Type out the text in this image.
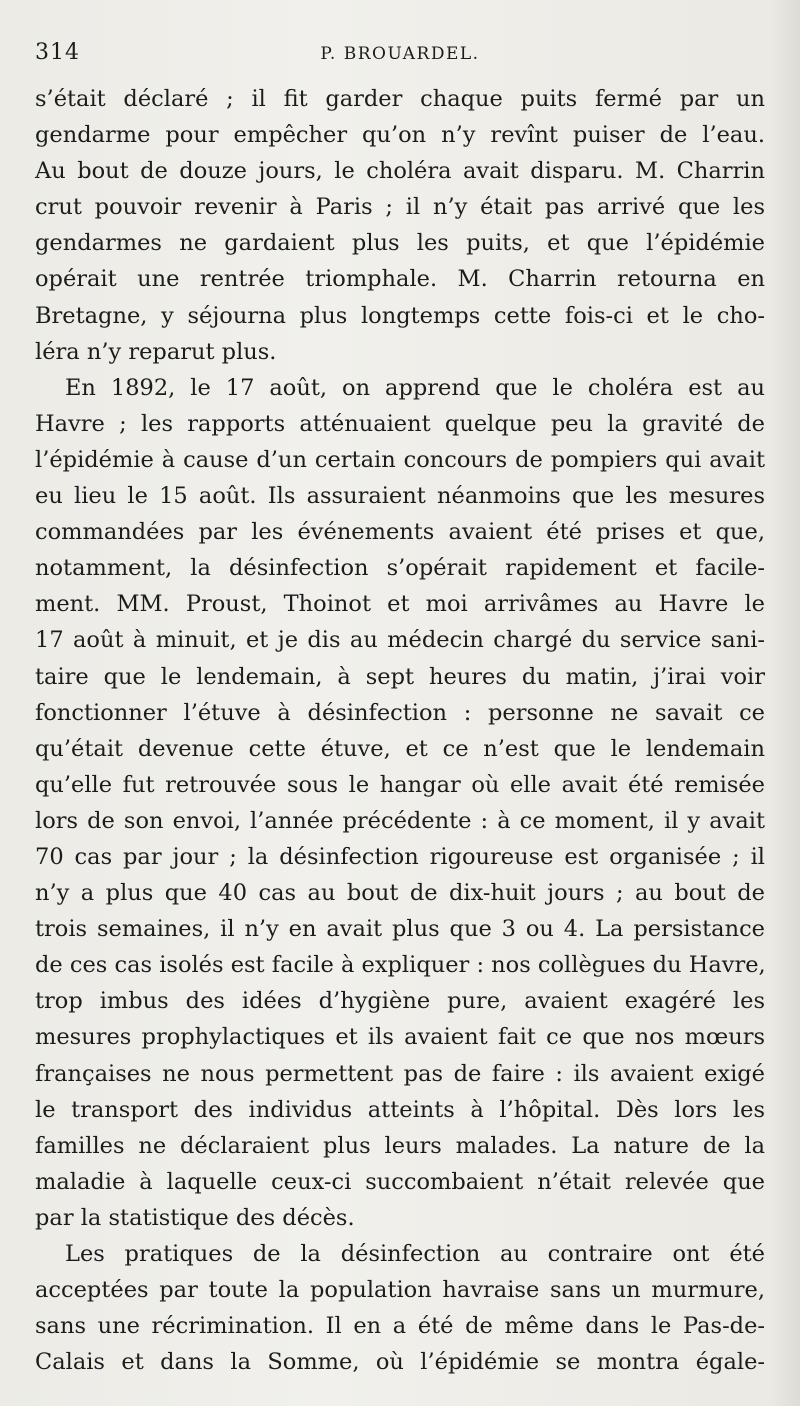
314	P. BROUARDEL.
s’était déclaré ; il fit garder chaque puits fermé par un
gendarme pour empêcher qu’on n’y revînt puiser de l’eau.
Au bout de douze jours, le choléra avait disparu. M. Charrin
crut pouvoir revenir à Paris ; il n’y était pas arrivé que les
gendarmes ne gardaient plus les puits, et que l’épidémie
opérait une rentrée triomphale. M. Charrin retourna en
Bretagne, y séjourna plus longtemps cette fois-ci et le cho-
léra n’y reparut plus.
En 1892, le 17 août, on apprend que le choléra est au
Havre ; les rapports atténuaient quelque peu la gravité de
l’épidémie à cause d’un certain concours de pompiers qui avait
eu lieu le 15 août. Ils assuraient néanmoins que les mesures
commandées par les événements avaient été prises et que,
notamment, la désinfection s’opérait rapidement et facile-
ment. MM. Proust, Thoinot et moi arrivâmes au Havre le
17 août à minuit, et je dis au médecin chargé du service sani-
taire que le lendemain, à sept heures du matin, j’irai voir
fonctionner l’étuve à désinfection : personne ne savait ce
qu’était devenue cette étuve, et ce n’est que le lendemain
qu’elle fut retrouvée sous le hangar où elle avait été remisée
lors de son envoi, l’année précédente : à ce moment, il y avait
70 cas par jour ; la désinfection rigoureuse est organisée ; il
n’y a plus que 40 cas au bout de dix-huit jours ; au bout de
trois semaines, il n’y en avait plus que 3 ou 4. La persistance
de ces cas isolés est facile à expliquer : nos collègues du Havre,
trop imbus des idées d’hygiène pure, avaient exagéré les
mesures prophylactiques et ils avaient fait ce que nos mœurs
françaises ne nous permettent pas de faire : ils avaient exigé
le transport des individus atteints à l’hôpital. Dès lors les
familles ne déclaraient plus leurs malades. La nature de la
maladie à laquelle ceux-ci succombaient n’était relevée que
par la statistique des décès.
Les pratiques de la désinfection au contraire ont été
acceptées par toute la population havraise sans un murmure,
sans une récrimination. Il en a été de même dans le Pas-de-
Calais et dans la Somme, où l’épidémie se montra égale-
